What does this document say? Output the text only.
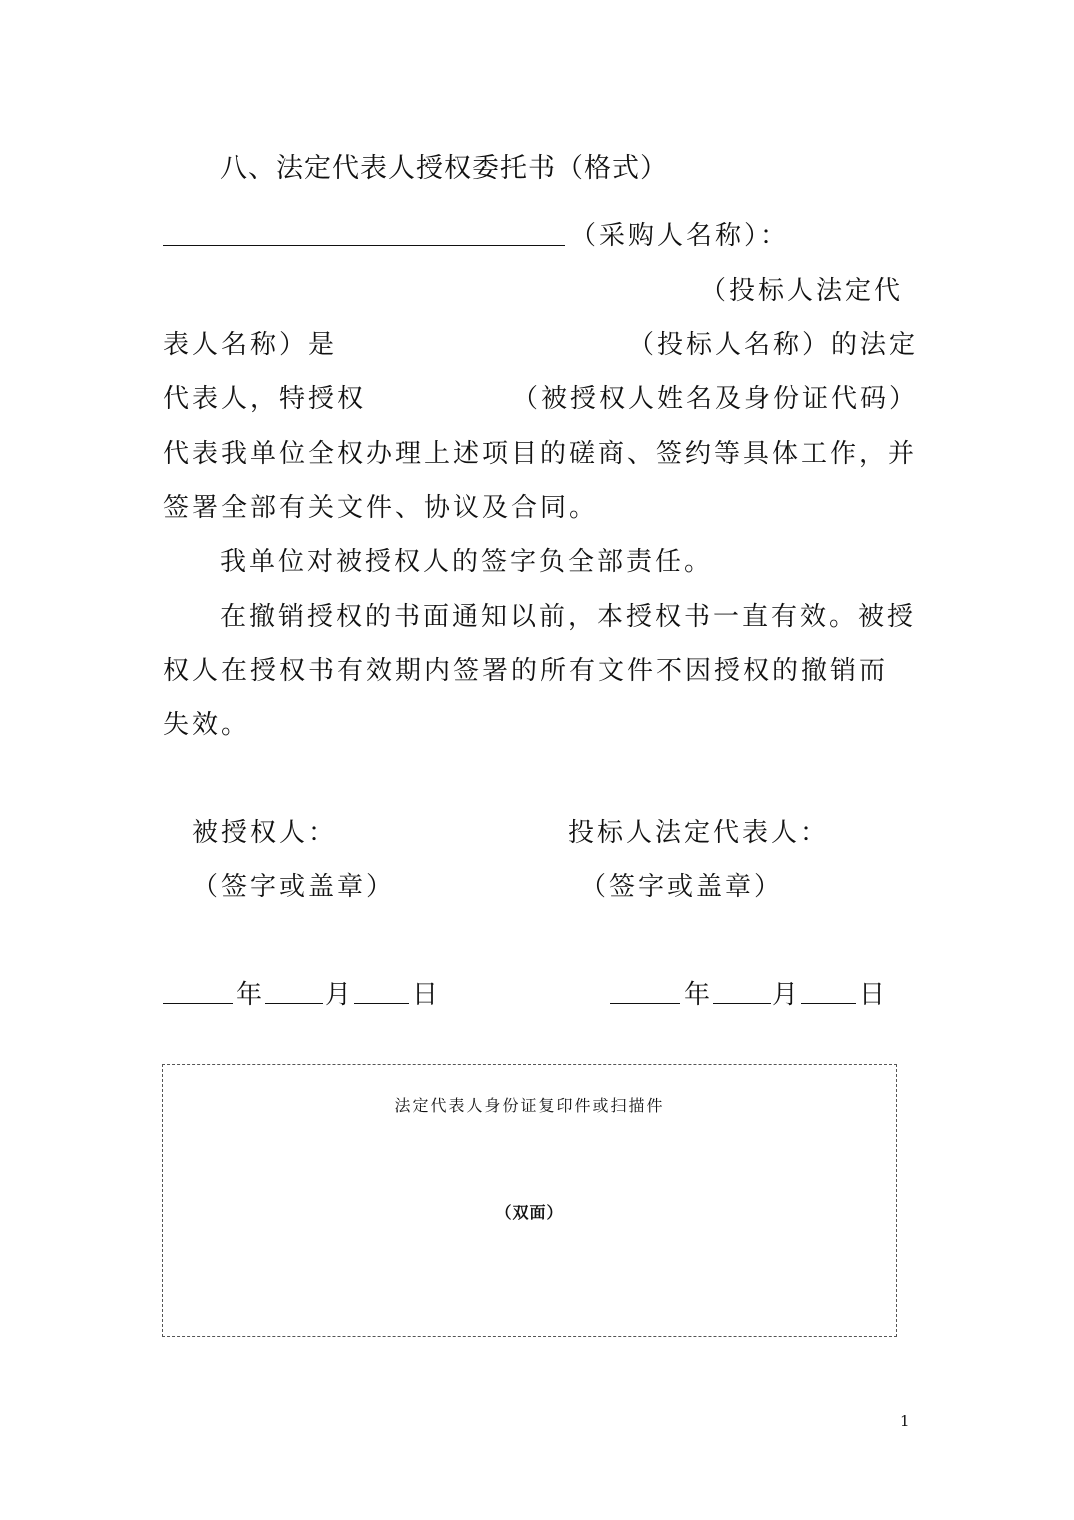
八、法定代表人授权委托书（格式）
（采购人名称）：
（投标人法定代
表人名称）是	（投标人名称）的法定
代表人，特授权	（被授权人姓名及身份证代码）
代表我单位全权办理上述项目的磋商、签约等具体工作，并
签署全部有关文件、协议及合同。
我单位对被授权人的签字负全部责任。
在撤销授权的书面通知以前，本授权书一直有效。被授
权人在授权书有效期内签署的所有文件不因授权的撤销而
失效。
被授权人：	投标人法定代表人：
（签字或盖章）	（签字或盖章）
年 月 日	年 月 日
法定代表人身份证复印件或扫描件
（双面）
1
